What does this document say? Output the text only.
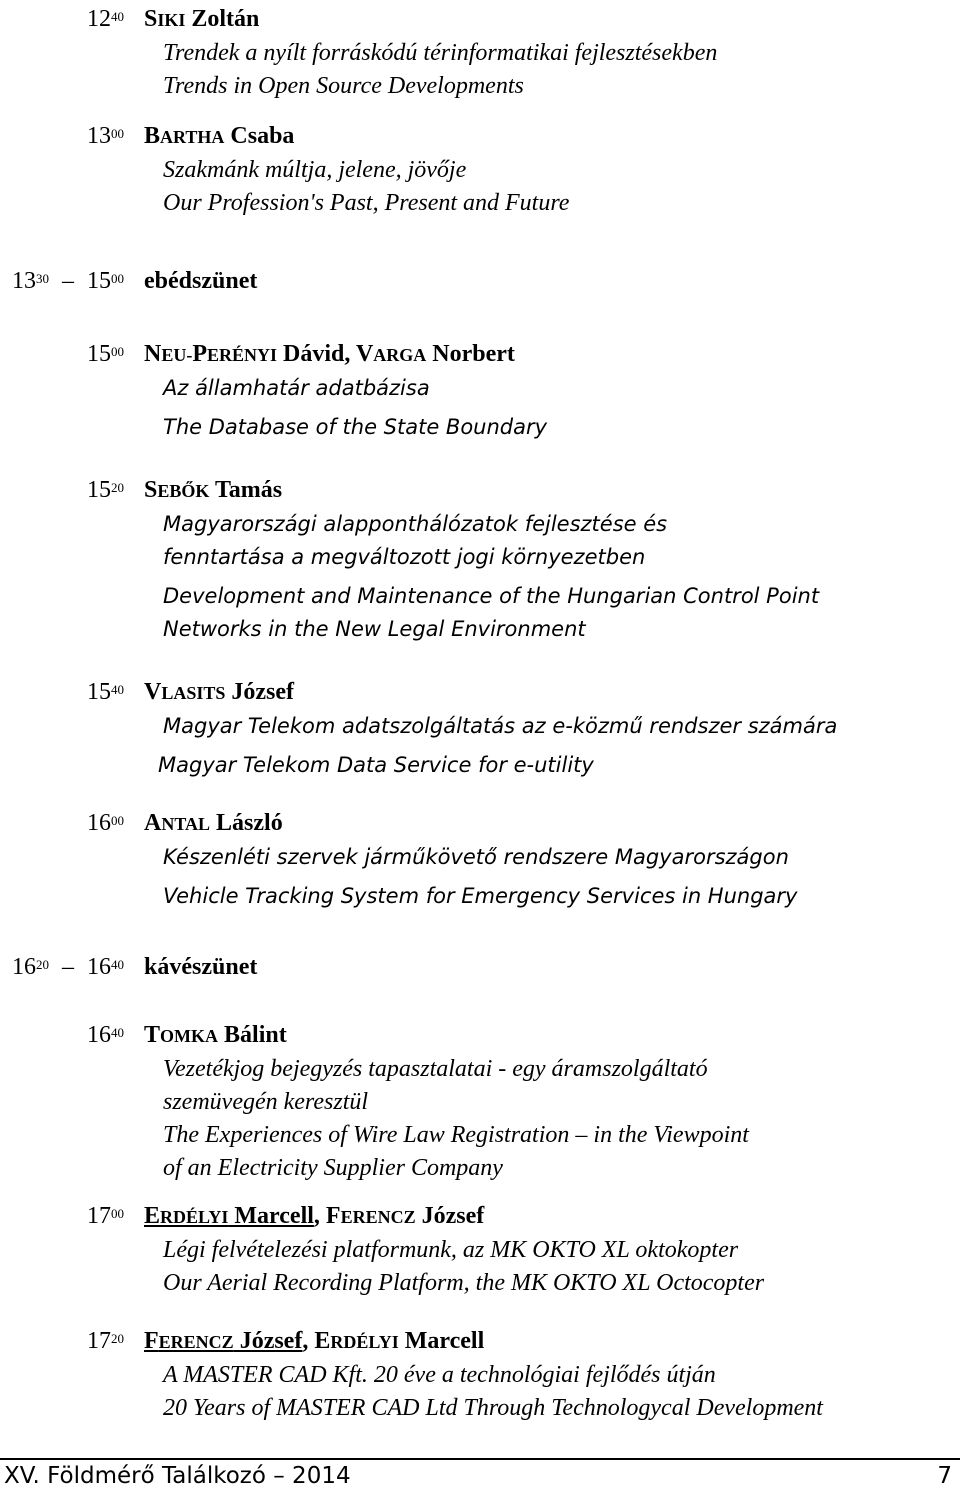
$12^{40}$ SIKI Zoltán
Trendek a nyílt forráskódú térinformatikai fejlesztésekben
Trends in Open Source Developments
$13^{00}$ BARTHA Csaba
Szakmánk múltja, jelene, jövője
Our Profession's Past, Present and Future
$13^{30} - 15^{00}$ ebédszünet
$15^{00}$ NEU-PERÉNYI Dávid, VARGA Norbert
Az államhatár adatbázisa
The Database of the State Boundary
$15^{20}$ SEBŐK Tamás
Magyarországi alapponthálózatok fejlesztése és
fenntartása a megváltozott jogi környezetben
Development and Maintenance of the Hungarian Control Point
Networks in the New Legal Environment
$15^{40}$ VLASITS József
Magyar Telekom adatszolgáltatás az e-közmű rendszer számára
Magyar Telekom Data Service for e-utility
$16^{00}$ ANTAL László
Készenléti szervek járműkövető rendszere Magyarországon
Vehicle Tracking System for Emergency Services in Hungary
$16^{20} - 16^{40}$ kávészünet
$16^{40}$ TOMKA Bálint
Vezetékjog bejegyzés tapasztalatai - egy áramszolgáltató
szemüvegén keresztül
The Experiences of Wire Law Registration – in the Viewpoint
of an Electricity Supplier Company
$17^{00}$ ERDÉLYI Marcell, FERENCZ József
Légi felvételezési platformunk, az MK OKTO XL oktokopter
Our Aerial Recording Platform, the MK OKTO XL Octocopter
$17^{20}$ FERENCZ József, ERDÉLYI Marcell
A MASTER CAD Kft. 20 éve a technológiai fejlődés útján
20 Years of MASTER CAD Ltd Through Technologycal Development
XV. Földmérő Találkozó – 2014	7
